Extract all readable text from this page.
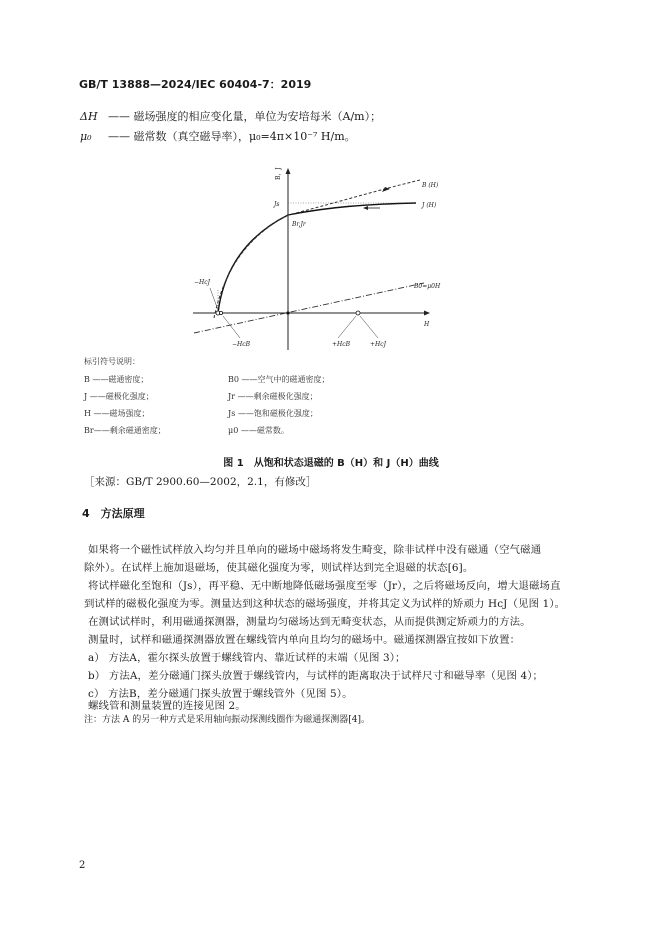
GB/T 13888—2024/IEC 60404-7：2019
ΔH —— 磁场强度的相应变化量，单位为安培每米（A/m）；
μ₀ —— 磁常数（真空磁导率），μ₀=4π×10⁻⁷ H/m。
B，J
H
B (H)
J (H)
Js
Br,Jr
B0=μ0H
−HcJ
−HcB	+HcB	+HcJ
标引符号说明：
B ——磁通密度；
J ——磁极化强度；
H ——磁场强度；
Br——剩余磁通密度；
B0 ——空气中的磁通密度；
Jr ——剩余磁极化强度；
Js ——饱和磁极化强度；
μ0 ——磁常数。
图 1　从饱和状态退磁的 B（H）和 J（H）曲线
［来源：GB/T 2900.60—2002，2.1，有修改］
4　方法原理
如果将一个磁性试样放入均匀并且单向的磁场中磁场将发生畸变，除非试样中没有磁通（空气磁通
除外）。在试样上施加退磁场，使其磁化强度为零，则试样达到完全退磁的状态[6]。
将试样磁化至饱和（Js），再平稳、无中断地降低磁场强度至零（Jr），之后将磁场反向，增大退磁场直
到试样的磁极化强度为零。测量达到这种状态的磁场强度，并将其定义为试样的矫顽力 HcJ（见图 1）。
在测试试样时，利用磁通探测器，测量均匀磁场达到无畸变状态，从而提供测定矫顽力的方法。
测量时，试样和磁通探测器放置在螺线管内单向且均匀的磁场中。磁通探测器宜按如下放置：
a） 方法A，霍尔探头放置于螺线管内、靠近试样的末端（见图 3）；
b） 方法A，差分磁通门探头放置于螺线管内，与试样的距离取决于试样尺寸和磁导率（见图 4）；
c） 方法B，差分磁通门探头放置于螺线管外（见图 5）。
螺线管和测量装置的连接见图 2。
注：方法 A 的另一种方式是采用轴向振动探测线圈作为磁通探测器[4]。
2
